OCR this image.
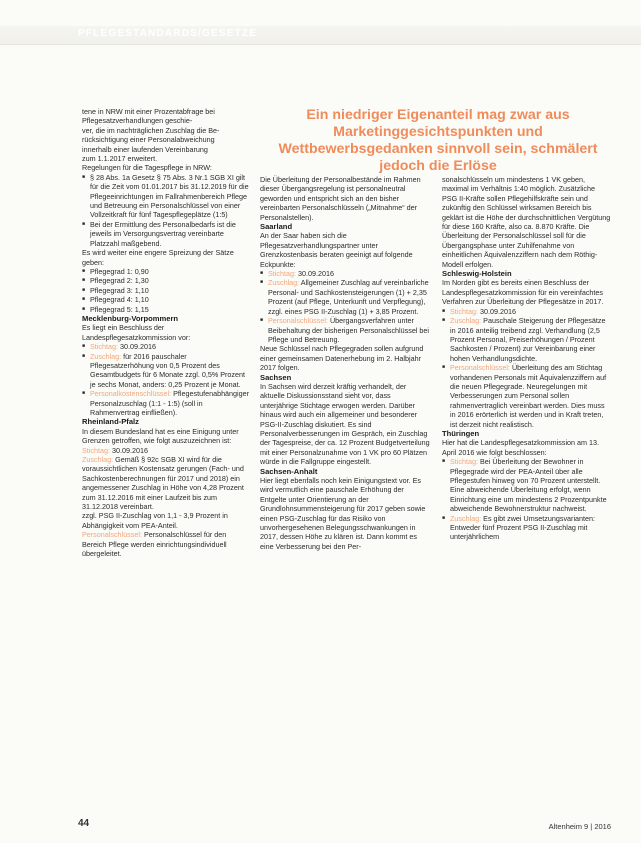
PFLEGESTANDARDS/GESETZE
Ein niedriger Eigenanteil mag zwar aus Marketinggesichtspunkten und Wettbewerbsgedanken sinnvoll sein, schmälert jedoch die Erlöse

tene in NRW mit einer Prozentabfrage bei Pflegesatzverhandlungen geschie-

ver, die im nachträglichen Zuschlag die Be-

rücksichtigung einer Personalabweichung

innerhalb einer laufenden Vereinbarung

zum 1.1.2017 erweitert.

Regelungen für die Tagespflege in NRW:

■ § 28 Abs. 1a Gesetz § 75 Abs. 3 Nr.1 SGB XI gilt für die Zeit vom 01.01.2017 bis 31.12.2019 für die Pflegeeinrichtungen im Fallrahmenbereich Pflege und Betreuung ein Personalschlüssel von einer Vollzeitkraft für fünf Tagespflegeplätze (1:5)

■ Bei der Ermittlung des Personalbedarfs ist die jeweils im Versorgungsvertrag vereinbarte Platzzahl maßgebend.

Es wird weiter eine engere Spreizung der Sätze geben:

■ Pflegegrad 1: 0,90

■ Pflegegrad 2: 1,30

■ Pflegegrad 3: 1,10

■ Pflegegrad 4: 1,10

■ Pflegegrad 5: 1,15

Mecklenburg-Vorpommern

Es liegt ein Beschluss der Landespflegesatzkommission vor:

■ Stichtag: 30.09.2016

■ Zuschlag: für 2016 pauschaler Pflegesatzerhöhung von 0,5 Prozent des Gesamtbudgets für 6 Monate zzgl. 0,5% Prozent je sechs Monat, anders: 0,25 Prozent je Monat.

■ Personalkostenschlüssel: Pflegestufenabhängiger Personalzuschlag (1:1 - 1:5) (soll in Rahmenvertrag einfließen).

Rheinland-Pfalz

In diesem Bundesland hat es eine Einigung unter Grenzen getroffen, wie folgt auszuzeichnen ist:

Stichtag: 30.09.2016

Zuschlag: Gemäß § 92c SGB XI wird für die voraussichtlichen Kostensatz gerungen (Fach- und Sachkostenberechnungen für 2017 und 2018) ein angemessener Zuschlag in Höhe von 4,28 Prozent zum 31.12.2016 mit einer Laufzeit bis zum 31.12.2018 vereinbart.

zzgl. PSG II-Zuschlag von 1,1 - 3,9 Prozent in Abhängigkeit vom PEA-Anteil.

Personalschlüssel: Personalschlüssel für den Bereich Pflege werden einrichtungsindividuell übergeleitet.

Die Überleitung der Personalbestände im Rahmen dieser Übergangsregelung ist personalneutral geworden und entspricht sich an den bisher vereinbarten Personalschlüsseln („Mitnahme“ der Personalstellen).

Saarland

An der Saar haben sich die Pflegesatzverhandlungspartner unter Grenzkostenbasis beraten geeinigt auf folgende Eckpunkte:

■ Stichtag: 30.09.2016

■ Zuschlag: Allgemeiner Zuschlag auf vereinbarliche Personal- und Sachkostensteigerungen (1) + 2,35 Prozent (auf Pflege, Unterkunft und Verpflegung), zzgl. eines PSG II-Zuschlag (1) + 3,85 Prozent.

■ Personalschlüssel: Übergangsverfahren unter Beibehaltung der bisherigen Personalschlüssel bei Pflege und Betreuung.

Neue Schlüssel nach Pflegegraden sollen aufgrund einer gemeinsamen Datenerhebung im 2. Halbjahr 2017 folgen.

Sachsen

In Sachsen wird derzeit kräftig verhandelt, der aktuelle Diskussionsstand sieht vor, dass unterjährige Stichtage erwogen werden. Darüber hinaus wird auch ein allgemeiner und besonderer PSG-II-Zuschlag diskutiert. Es sind Personalverbesserungen im Gespräch, ein Zuschlag der Tagespreise, der ca. 12 Prozent Budgetverteilung mit einer Personalzunahme von 1 VK pro 60 Plätzen würde in die Fallgruppe eingestellt.

Sachsen-Anhalt

Hier liegt ebenfalls noch kein Einigungstext vor. Es wird vermutlich eine pauschale Erhöhung der Entgelte unter Orientierung an der Grundlohnsummensteigerung für 2017 geben sowie einen PSG-Zuschlag für das Risiko von unvorhergesehenen Belegungsschwankungen in 2017, dessen Höhe zu klären ist. Dann kommt es eine Verbesserung bei den Per-

sonalschlüsseln um mindestens 1 VK geben, maximal im Verhältnis 1:40 möglich. Zusätzliche PSG II-Kräfte sollen Pflegehilfskräfte sein und zukünftig den Schlüssel wirksamen Bereich bis geklärt ist die Höhe der durchschnittlichen Vergütung für diese 160 Kräfte, also ca. 8.870 Kräfte. Die Überleitung der Personalschlüssel soll für die Übergangsphase unter Zuhilfenahme von einheitlichen Äquivalenzziffern nach dem Röthig-Modell erfolgen.

Schleswig-Holstein

Im Norden gibt es bereits einen Beschluss der Landespflegesatzkommission für ein vereinfachtes Verfahren zur Überleitung der Pflegesätze in 2017.

■ Stichtag: 30.09.2016

■ Zuschlag: Pauschale Steigerung der Pflegesätze in 2016 anteilig treibend zzgl. Verhandlung (2,5 Prozent Personal, Preiserhöhungen / Prozent Sachkosten / Prozent) zur Vereinbarung einer hohen Verhandlungsdichte.

■ Personalschlüssel: Überleitung des am Stichtag vorhandenen Personals mit Äquivalenzziffern auf die neuen Pflegegrade. Neuregelungen mit Verbesserungen zum Personal sollen rahmenvertraglich vereinbart werden. Dies muss in 2016 erörterlich ist werden und in Kraft treten, ist derzeit nicht realistisch.

Thüringen

Hier hat die Landespflegesatzkommission am 13. April 2016 wie folgt beschlossen:

■ Stichtag: Bei Überleitung der Bewohner in Pflegegrade wird der PEA-Anteil über alle Pflegestufen hinweg von 70 Prozent unterstellt. Eine abweichende Überleitung erfolgt, wenn Einrichtung eine um mindestens 2 Prozentpunkte abweichende Bewohnerstruktur nachweist.

■ Zuschlag: Es gibt zwei Umsetzungsvarianten: Entweder fünf Prozent PSG II-Zuschlag mit unterjährlichem

44	Altenheim 9 | 2016
